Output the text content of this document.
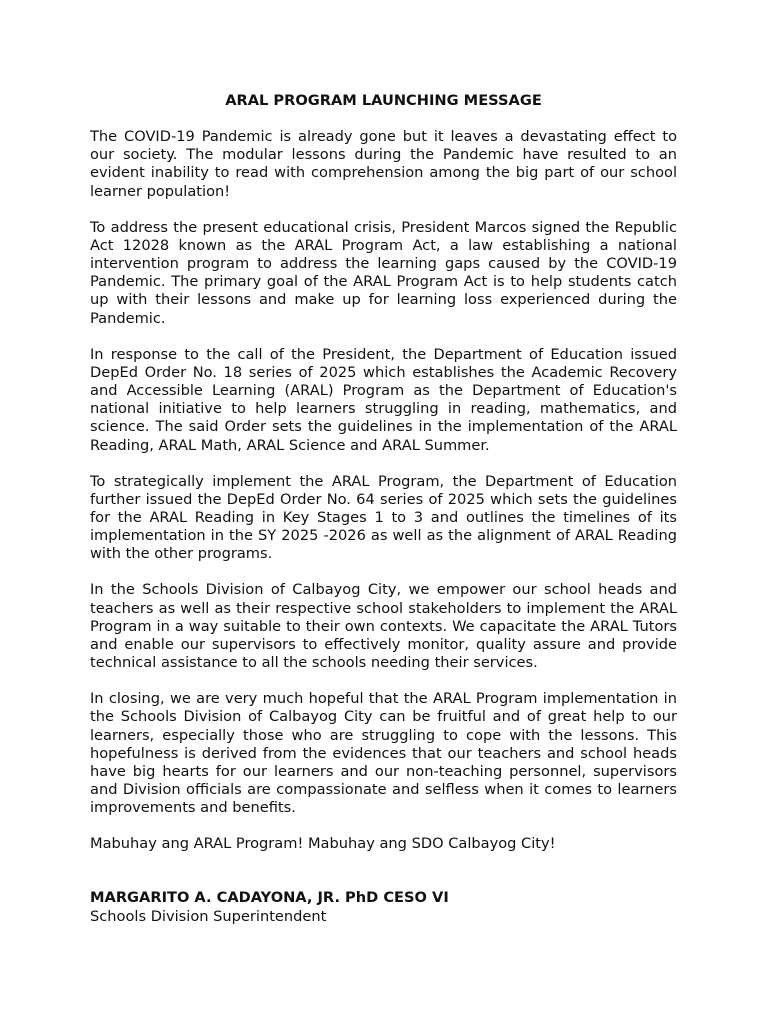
ARAL PROGRAM LAUNCHING MESSAGE
The COVID-19 Pandemic is already gone but it leaves a devastating effect to our society. The modular lessons during the Pandemic have resulted to an evident inability to read with comprehension among the big part of our school learner population!
To address the present educational crisis, President Marcos signed the Republic Act 12028 known as the ARAL Program Act, a law establishing a national intervention program to address the learning gaps caused by the COVID-19 Pandemic. The primary goal of the ARAL Program Act is to help students catch up with their lessons and make up for learning loss experienced during the Pandemic.
In response to the call of the President, the Department of Education issued DepEd Order No. 18 series of 2025 which establishes the Academic Recovery and Accessible Learning (ARAL) Program as the Department of Education's national initiative to help learners struggling in reading, mathematics, and science. The said Order sets the guidelines in the implementation of the ARAL Reading, ARAL Math, ARAL Science and ARAL Summer.
To strategically implement the ARAL Program, the Department of Education further issued the DepEd Order No. 64 series of 2025 which sets the guidelines for the ARAL Reading in Key Stages 1 to 3 and outlines the timelines of its implementation in the SY 2025 -2026 as well as the alignment of ARAL Reading with the other programs.
In the Schools Division of Calbayog City, we empower our school heads and teachers as well as their respective school stakeholders to implement the ARAL Program in a way suitable to their own contexts. We capacitate the ARAL Tutors and enable our supervisors to effectively monitor, quality assure and provide technical assistance to all the schools needing their services.
In closing, we are very much hopeful that the ARAL Program implementation in the Schools Division of Calbayog City can be fruitful and of great help to our learners, especially those who are struggling to cope with the lessons. This hopefulness is derived from the evidences that our teachers and school heads have big hearts for our learners and our non-teaching personnel, supervisors and Division officials are compassionate and selfless when it comes to learners improvements and benefits.
Mabuhay ang ARAL Program! Mabuhay ang SDO Calbayog City!
MARGARITO A. CADAYONA, JR. PhD CESO VI
Schools Division Superintendent
